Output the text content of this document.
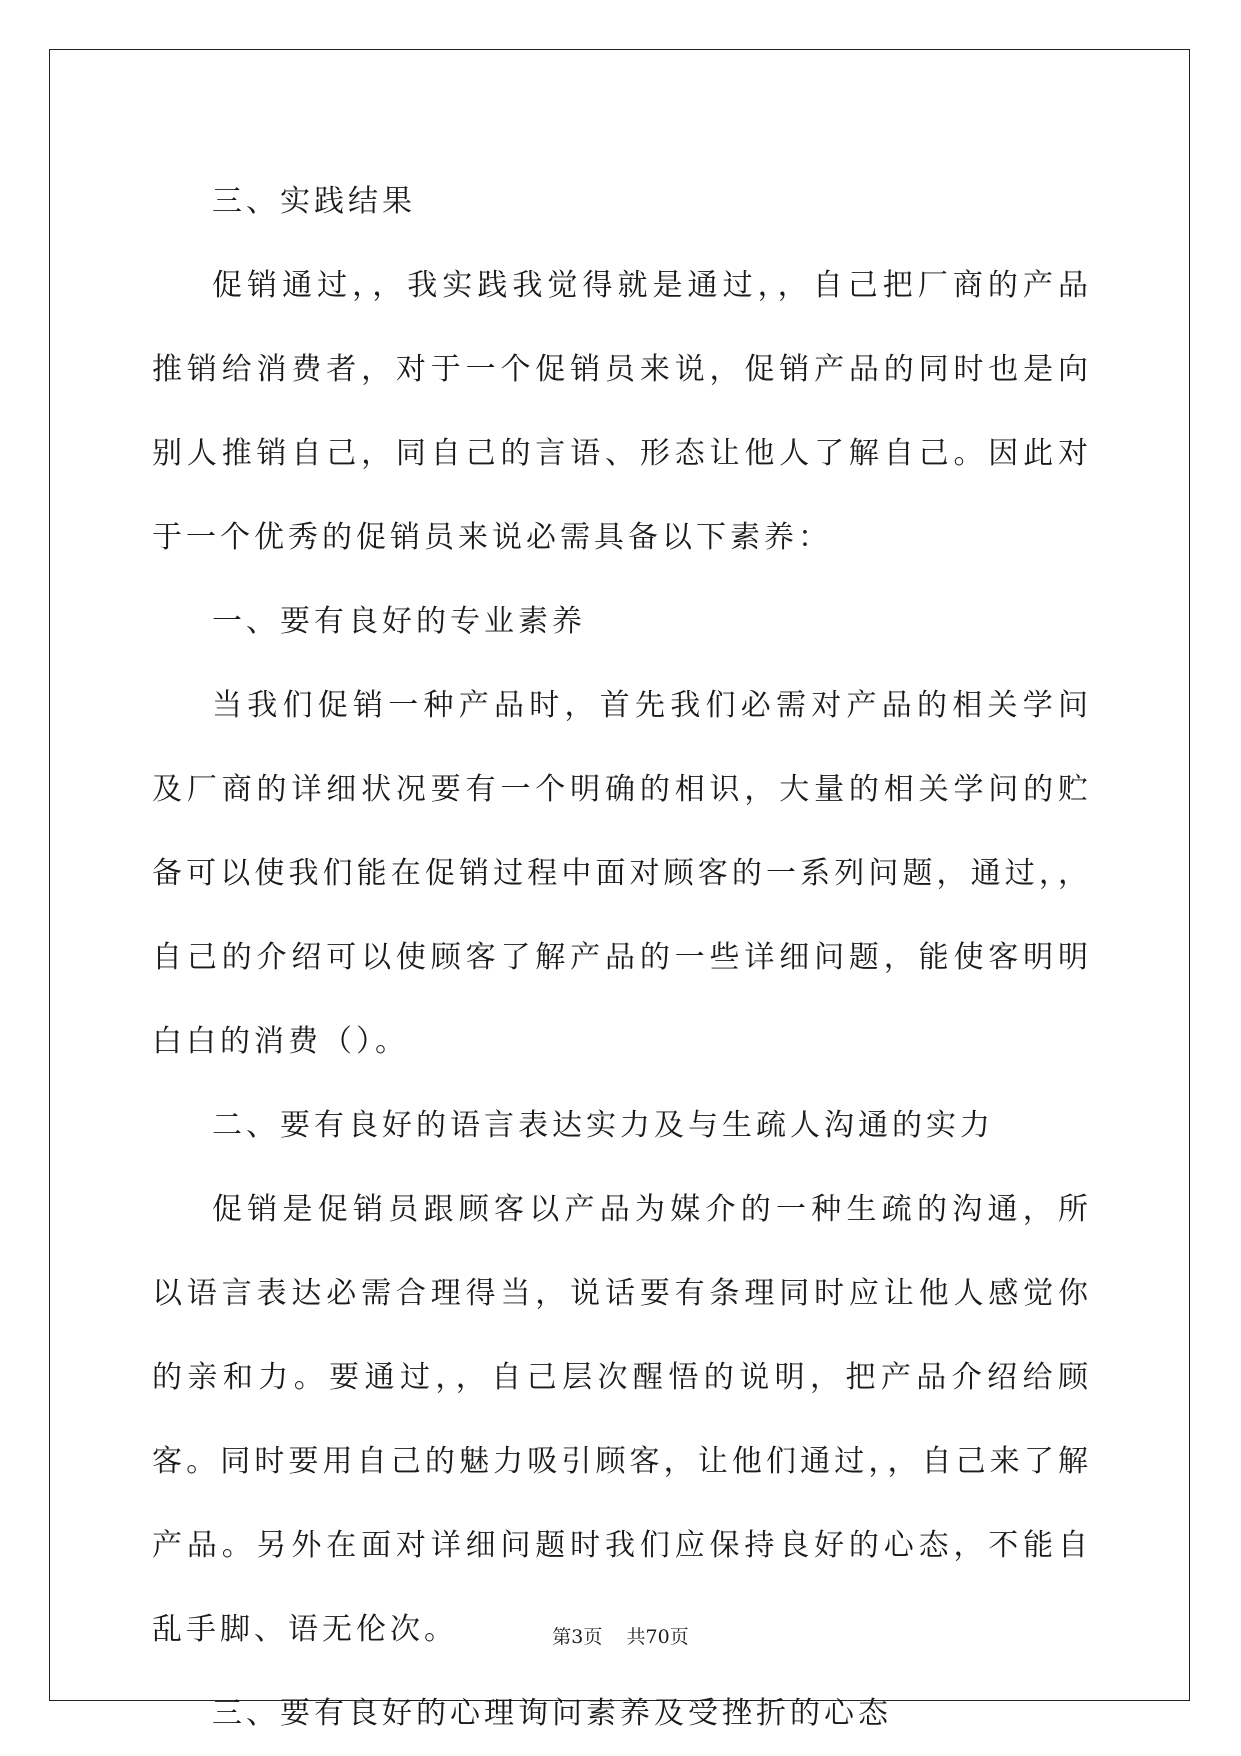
三、实践结果

促销通过，，我实践我觉得就是通过，，自己把厂商的产品推销给消费者，对于一个促销员来说，促销产品的同时也是向别人推销自己，同自己的言语、形态让他人了解自己。因此对于一个优秀的促销员来说必需具备以下素养：

一、要有良好的专业素养

当我们促销一种产品时，首先我们必需对产品的相关学问及厂商的详细状况要有一个明确的相识，大量的相关学问的贮备可以使我们能在促销过程中面对顾客的一系列问题，通过，，自己的介绍可以使顾客了解产品的一些详细问题，能使客明明白白的消费（）。

二、要有良好的语言表达实力及与生疏人沟通的实力

促销是促销员跟顾客以产品为媒介的一种生疏的沟通，所以语言表达必需合理得当，说话要有条理同时应让他人感觉你的亲和力。要通过，，自己层次醒悟的说明，把产品介绍给顾客。同时要用自己的魅力吸引顾客，让他们通过，，自己来了解产品。另外在面对详细问题时我们应保持良好的心态，不能自乱手脚、语无伦次。

三、要有良好的心理询问素养及受挫折的心态

第3页 共70页
